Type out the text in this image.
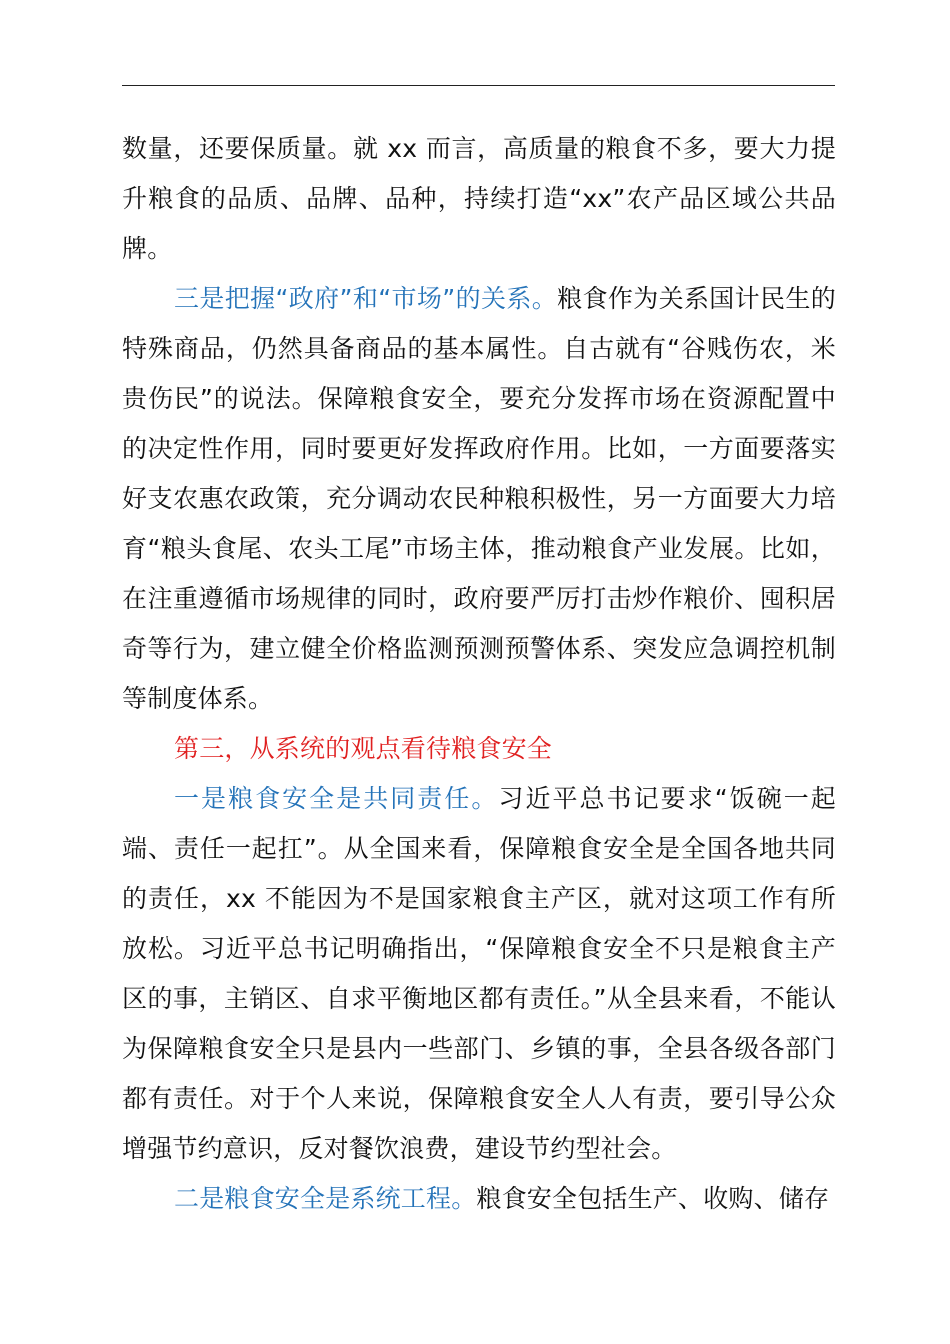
数量，还要保质量。就 xx 而言，高质量的粮食不多，要大力提升粮食的品质、品牌、品种，持续打造“xx”农产品区域公共品牌。

三是把握“政府”和“市场”的关系。粮食作为关系国计民生的特殊商品，仍然具备商品的基本属性。自古就有“谷贱伤农，米贵伤民”的说法。保障粮食安全，要充分发挥市场在资源配置中的决定性作用，同时要更好发挥政府作用。比如，一方面要落实好支农惠农政策，充分调动农民种粮积极性，另一方面要大力培育“粮头食尾、农头工尾”市场主体，推动粮食产业发展。比如，在注重遵循市场规律的同时，政府要严厉打击炒作粮价、囤积居奇等行为，建立健全价格监测预测预警体系、突发应急调控机制等制度体系。

第三，从系统的观点看待粮食安全

一是粮食安全是共同责任。习近平总书记要求“饭碗一起端、责任一起扛”。从全国来看，保障粮食安全是全国各地共同的责任，xx 不能因为不是国家粮食主产区，就对这项工作有所放松。习近平总书记明确指出，“保障粮食安全不只是粮食主产区的事，主销区、自求平衡地区都有责任。”从全县来看，不能认为保障粮食安全只是县内一些部门、乡镇的事，全县各级各部门都有责任。对于个人来说，保障粮食安全人人有责，要引导公众增强节约意识，反对餐饮浪费，建设节约型社会。

二是粮食安全是系统工程。粮食安全包括生产、收购、储存
